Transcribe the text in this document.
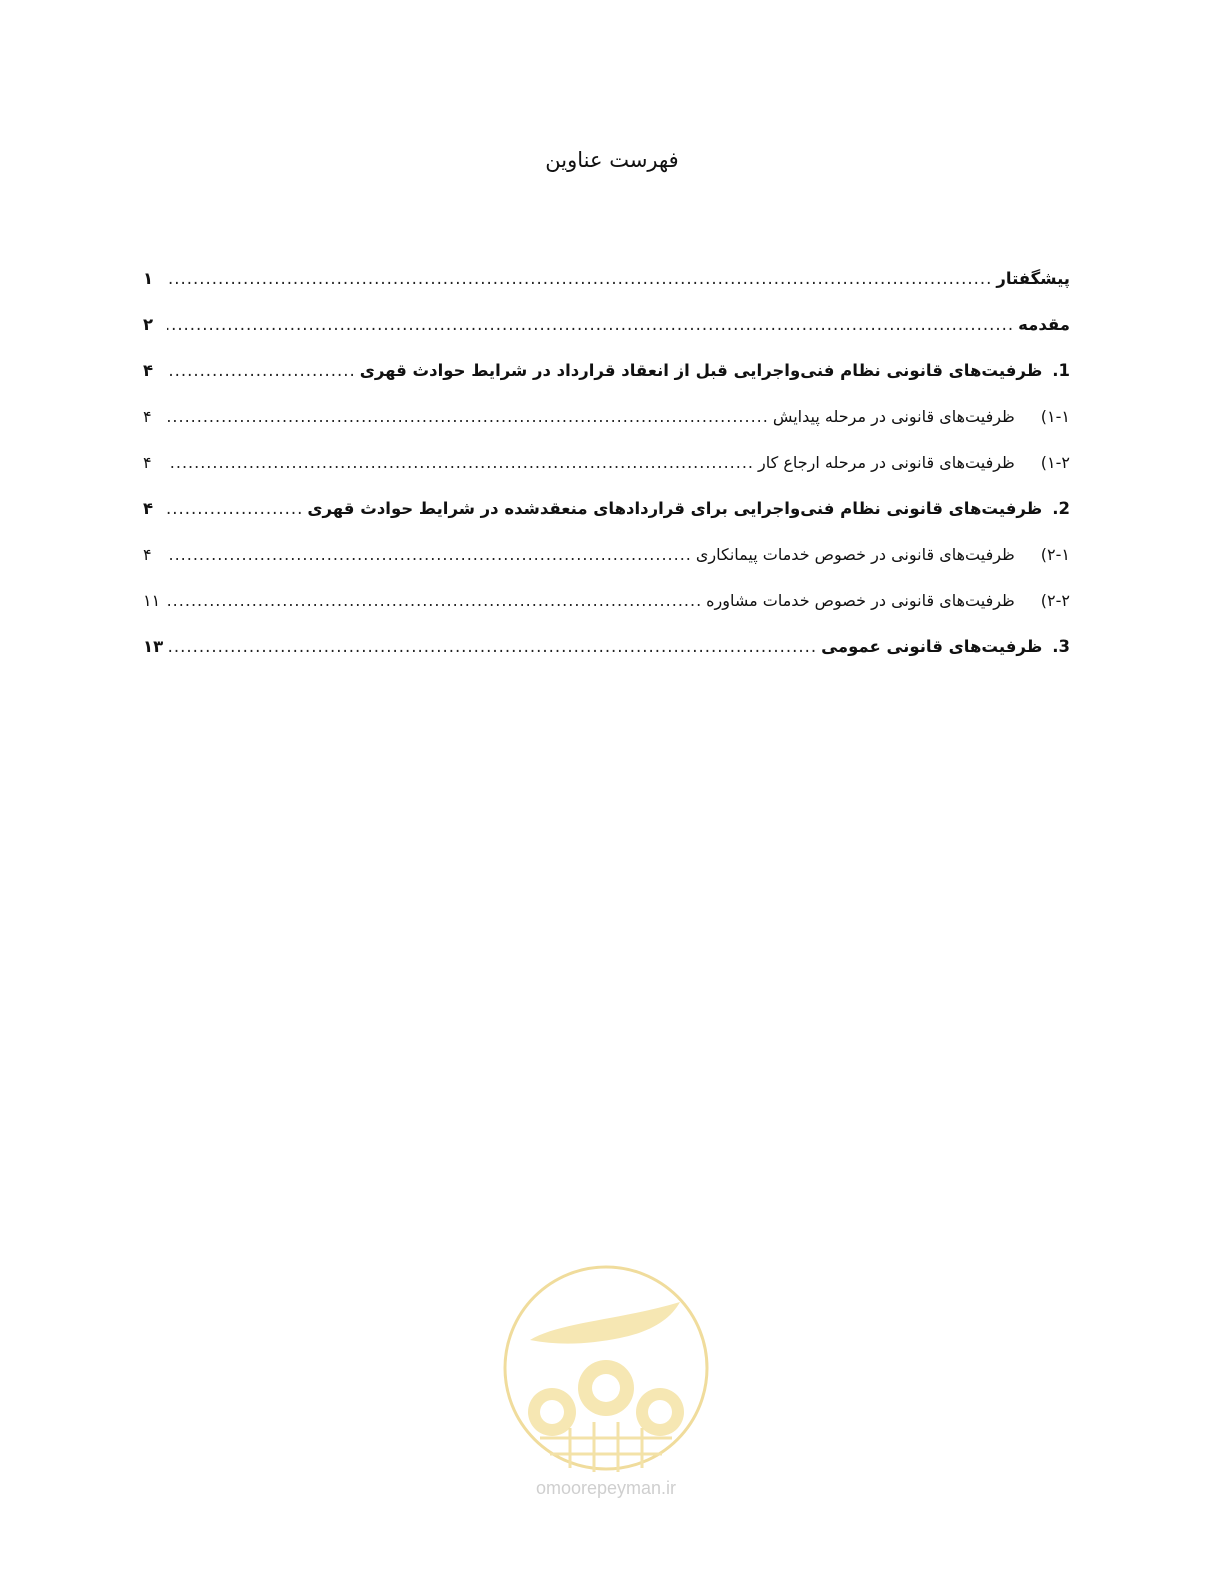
فهرست عناوین
پیشگفتار
.....
۱
مقدمه
.....
۲
1.
ظرفیت‌های قانونی نظام فنی‌واجرایی قبل از انعقاد قرارداد در شرایط حوادث قهری
.....
۴
۱-۱)
ظرفیت‌های قانونی در مرحله پیدایش
.....
۴
۱-۲)
ظرفیت‌های قانونی در مرحله ارجاع کار
.....
۴
2.
ظرفیت‌های قانونی نظام فنی‌واجرایی برای قراردادهای منعقدشده در شرایط حوادث قهری
.....
۴
۲-۱)
ظرفیت‌های قانونی در خصوص خدمات پیمانکاری
.....
۴
۲-۲)
ظرفیت‌های قانونی در خصوص خدمات مشاوره
.....
۱۱
3.
ظرفیت‌های قانونی عمومی
.....
۱۳
omoorepeyman.ir
